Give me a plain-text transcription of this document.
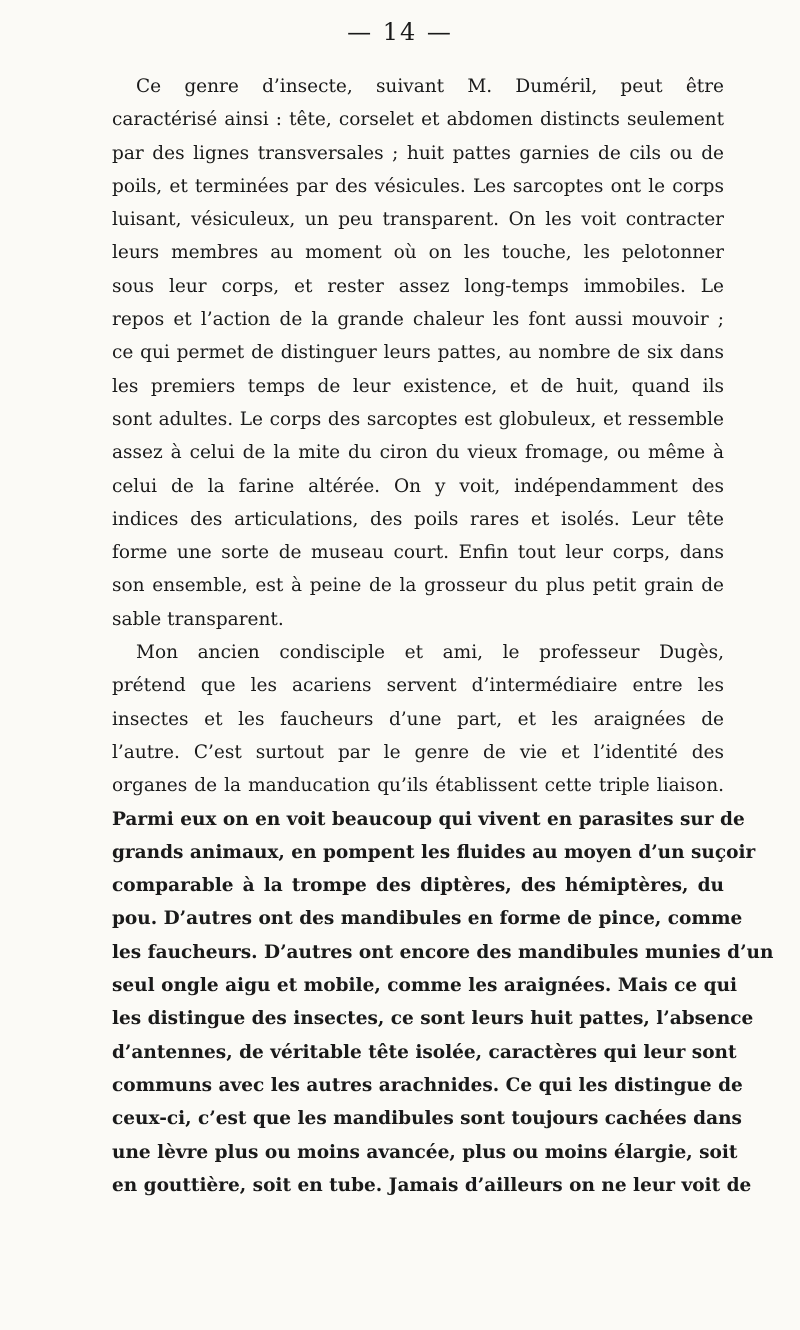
— 14 —
Ce genre d’insecte, suivant M. Duméril, peut être
caractérisé ainsi : tête, corselet et abdomen distincts seulement
par des lignes transversales ; huit pattes garnies de cils ou de
poils, et terminées par des vésicules. Les sarcoptes ont le corps
luisant, vésiculeux, un peu transparent. On les voit contracter
leurs membres au moment où on les touche, les pelotonner
sous leur corps, et rester assez long-temps immobiles. Le
repos et l’action de la grande chaleur les font aussi mouvoir ;
ce qui permet de distinguer leurs pattes, au nombre de six dans
les premiers temps de leur existence, et de huit, quand ils
sont adultes. Le corps des sarcoptes est globuleux, et ressemble
assez à celui de la mite du ciron du vieux fromage, ou même à
celui de la farine altérée. On y voit, indépendamment des
indices des articulations, des poils rares et isolés. Leur tête
forme une sorte de museau court. Enfin tout leur corps, dans
son ensemble, est à peine de la grosseur du plus petit grain de
sable transparent.
Mon ancien condisciple et ami, le professeur Dugès,
prétend que les acariens servent d’intermédiaire entre les
insectes et les faucheurs d’une part, et les araignées de
l’autre. C’est surtout par le genre de vie et l’identité des
organes de la manducation qu’ils établissent cette triple liaison.
Parmi eux on en voit beaucoup qui vivent en parasites sur de
grands animaux, en pompent les fluides au moyen d’un suçoir
comparable à la trompe des diptères, des hémiptères, du
pou. D’autres ont des mandibules en forme de pince, comme
les faucheurs. D’autres ont encore des mandibules munies d’un
seul ongle aigu et mobile, comme les araignées. Mais ce qui
les distingue des insectes, ce sont leurs huit pattes, l’absence
d’antennes, de véritable tête isolée, caractères qui leur sont
communs avec les autres arachnides. Ce qui les distingue de
ceux-ci, c’est que les mandibules sont toujours cachées dans
une lèvre plus ou moins avancée, plus ou moins élargie, soit
en gouttière, soit en tube. Jamais d’ailleurs on ne leur voit de
